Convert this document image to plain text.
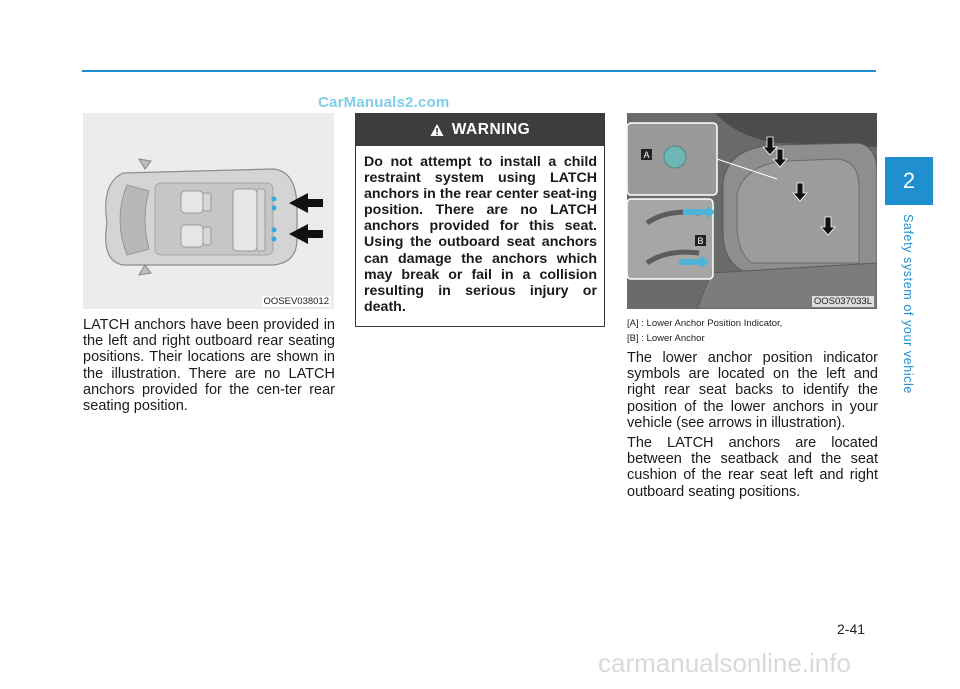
CarManuals2.com
OOSEV038012

LATCH anchors have been provided in the left and right outboard rear seating positions. Their locations are shown in the illustration. There are no LATCH anchors provided for the cen-ter rear seating position.

WARNING

Do not attempt to install a child restraint system using LATCH anchors in the rear center seat-ing position. There are no LATCH anchors provided for this seat. Using the outboard seat anchors can damage the anchors which may break or fail in a collision resulting in serious injury or death.

A
B
OOS037033L

[A] : Lower Anchor Position Indicator,

[B] : Lower Anchor

The lower anchor position indicator symbols are located on the left and right rear seat backs to identify the position of the lower anchors in your vehicle (see arrows in illustration).

The LATCH anchors are located between the seatback and the seat cushion of the rear seat left and right outboard seating positions.

2
Safety system of your vehicle
2-41
carmanualsonline.info
